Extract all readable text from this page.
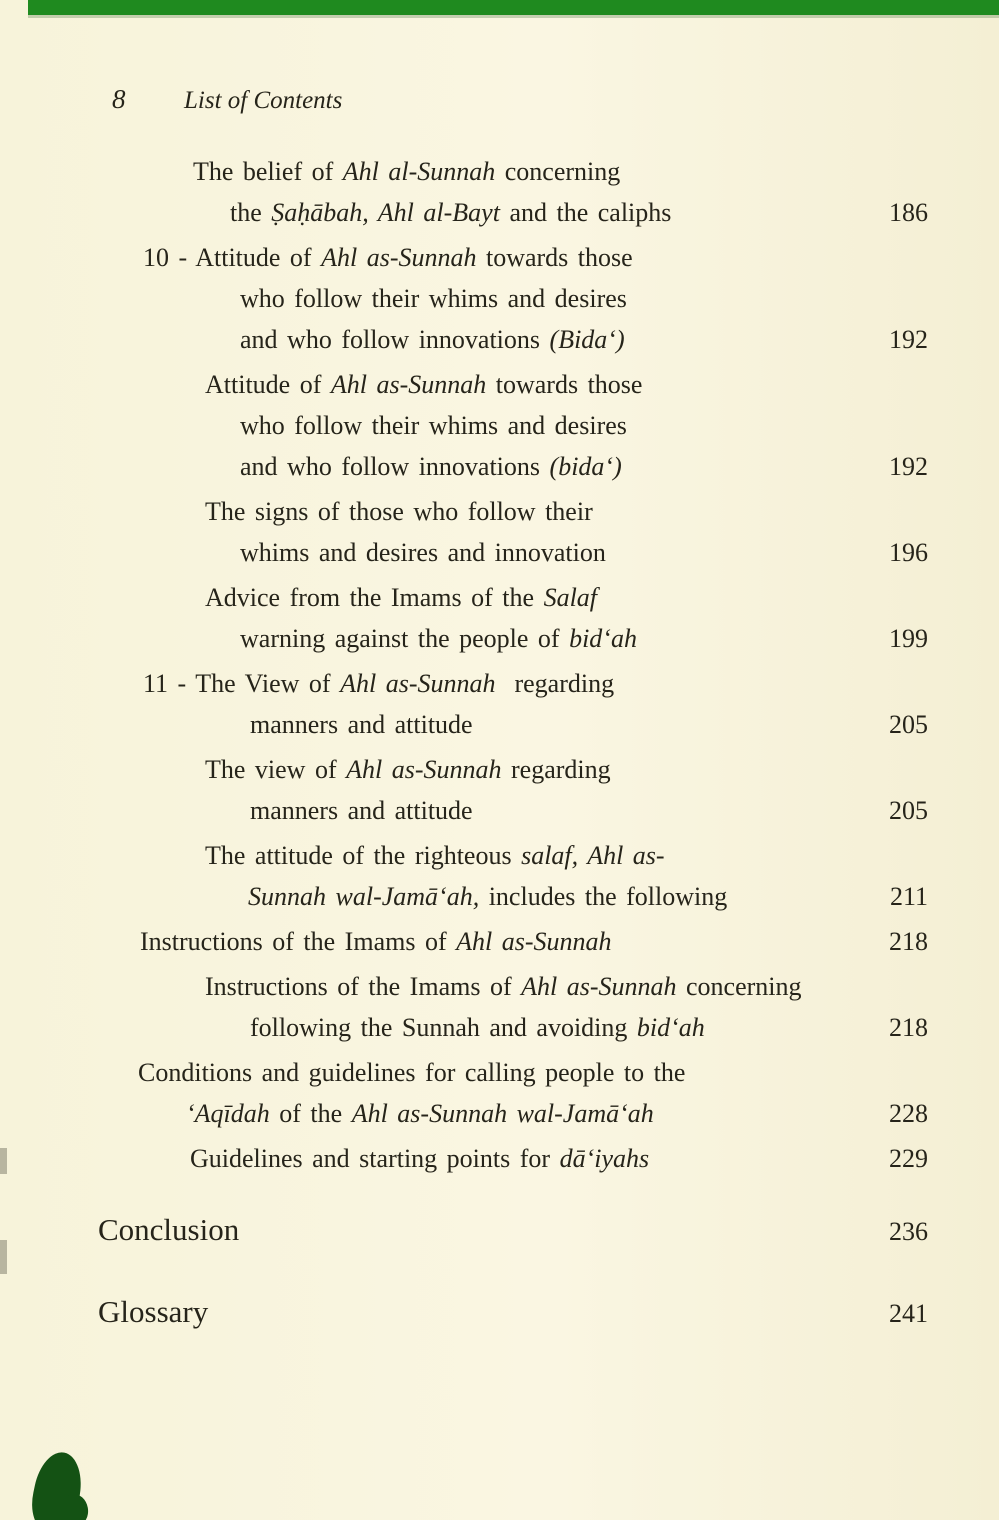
8	List of Contents
The belief of Ahl al-Sunnah concerning
the Ṣaḥābah, Ahl al-Bayt and the caliphs	186
10 - Attitude of Ahl as-Sunnah towards those
who follow their whims and desires
and who follow innovations (Bida‘)	192
Attitude of Ahl as-Sunnah towards those
who follow their whims and desires
and who follow innovations (bida‘)	192
The signs of those who follow their
whims and desires and innovation	196
Advice from the Imams of the Salaf
warning against the people of bid‘ah	199
11 - The View of Ahl as-Sunnah  regarding
manners and attitude	205
The view of Ahl as-Sunnah regarding
manners and attitude	205
The attitude of the righteous salaf, Ahl as-
Sunnah wal-Jamā‘ah, includes the following	211
Instructions of the Imams of Ahl as-Sunnah	218
Instructions of the Imams of Ahl as-Sunnah concerning
following the Sunnah and avoiding bid‘ah	218
Conditions and guidelines for calling people to the
‘Aqīdah of the Ahl as-Sunnah wal-Jamā‘ah	228
Guidelines and starting points for dā‘iyahs	229
Conclusion	236
Glossary	241
